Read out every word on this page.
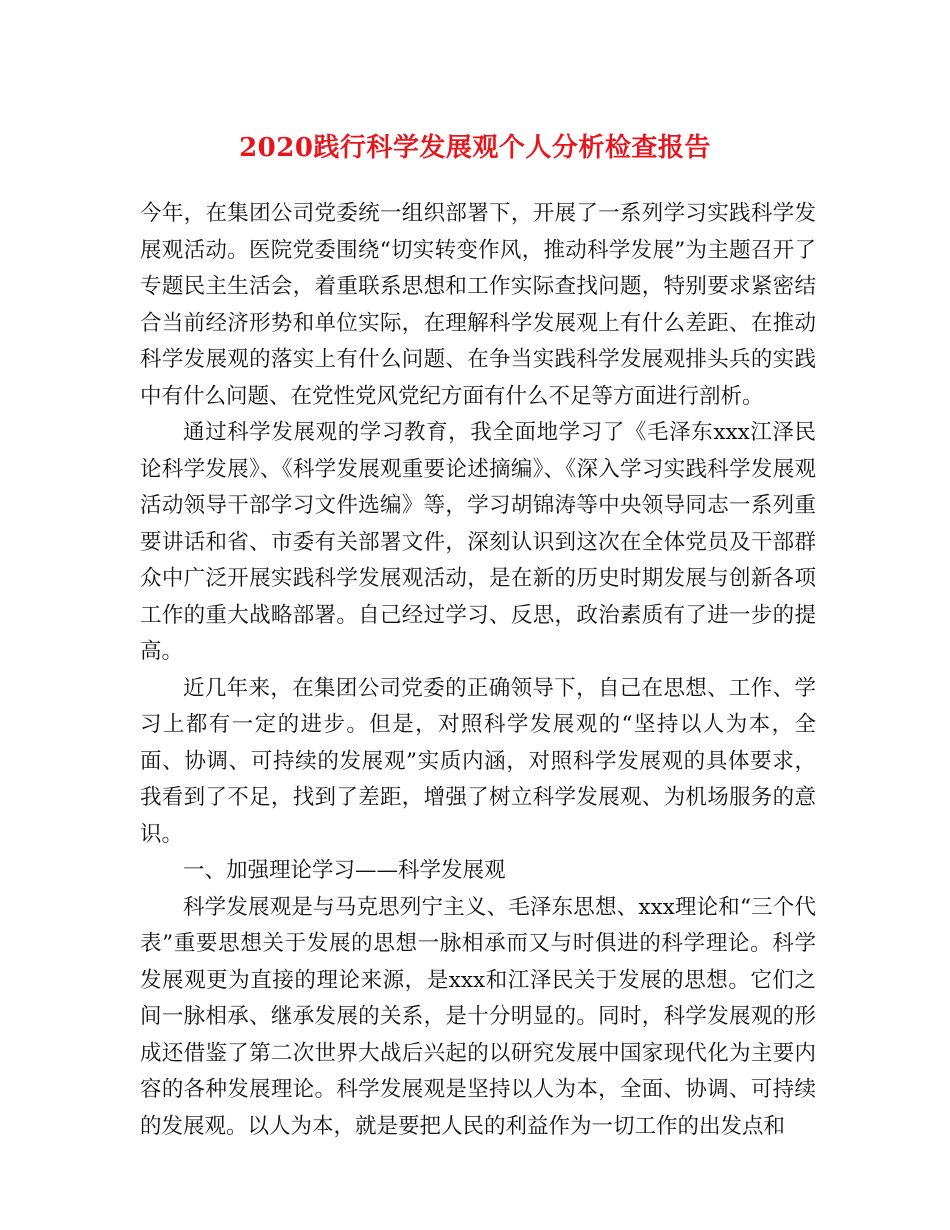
2020践行科学发展观个人分析检查报告

今年，在集团公司党委统一组织部署下，开展了一系列学习实践科学发展观活动。医院党委围绕“切实转变作风，推动科学发展”为主题召开了专题民主生活会，着重联系思想和工作实际查找问题，特别要求紧密结合当前经济形势和单位实际，在理解科学发展观上有什么差距、在推动科学发展观的落实上有什么问题、在争当实践科学发展观排头兵的实践中有什么问题、在党性党风党纪方面有什么不足等方面进行剖析。

通过科学发展观的学习教育，我全面地学习了《毛泽东xxx江泽民论科学发展》、《科学发展观重要论述摘编》、《深入学习实践科学发展观活动领导干部学习文件选编》等，学习胡锦涛等中央领导同志一系列重要讲话和省、市委有关部署文件，深刻认识到这次在全体党员及干部群众中广泛开展实践科学发展观活动，是在新的历史时期发展与创新各项工作的重大战略部署。自己经过学习、反思，政治素质有了进一步的提高。

近几年来，在集团公司党委的正确领导下，自己在思想、工作、学习上都有一定的进步。但是，对照科学发展观的“坚持以人为本，全面、协调、可持续的发展观”实质内涵，对照科学发展观的具体要求，我看到了不足，找到了差距，增强了树立科学发展观、为机场服务的意识。

一、加强理论学习——科学发展观

科学发展观是与马克思列宁主义、毛泽东思想、xxx理论和“三个代表”重要思想关于发展的思想一脉相承而又与时俱进的科学理论。科学发展观更为直接的理论来源，是xxx和江泽民关于发展的思想。它们之间一脉相承、继承发展的关系，是十分明显的。同时，科学发展观的形成还借鉴了第二次世界大战后兴起的以研究发展中国家现代化为主要内容的各种发展理论。科学发展观是坚持以人为本，全面、协调、可持续的发展观。以人为本，就是要把人民的利益作为一切工作的出发点和
